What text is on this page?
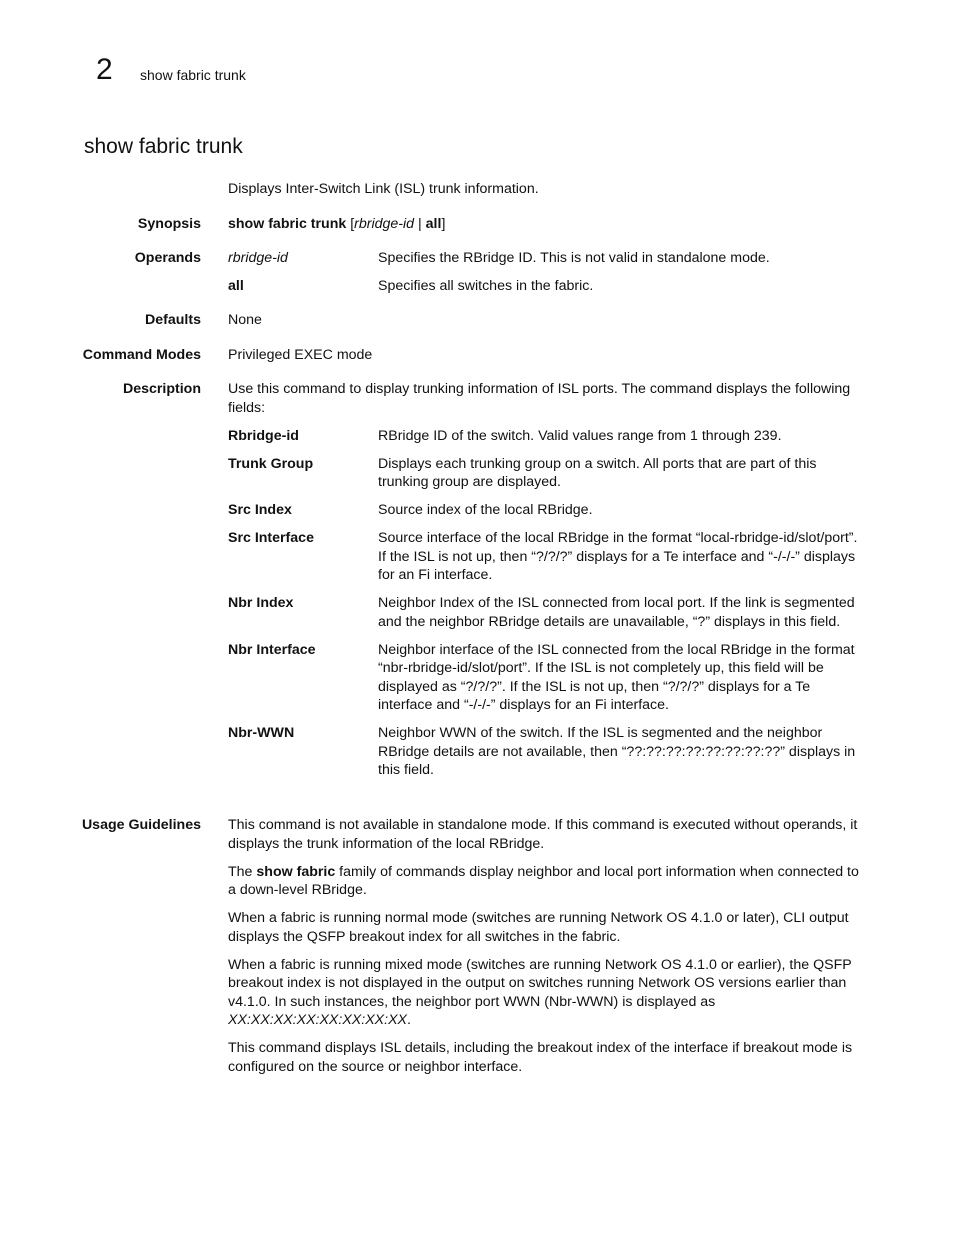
2 show fabric trunk
show fabric trunk

Displays Inter-Switch Link (ISL) trunk information.

Synopsis show fabric trunk [rbridge-id | all]
Operands rbridge-id	Specifies the RBridge ID. This is not valid in standalone mode.
all	Specifies all switches in the fabric.
Defaults None
Command Modes Privileged EXEC mode
Description Use this command to display trunking information of ISL ports. The command displays the following fields:

Rbridge-id	RBridge ID of the switch. Valid values range from 1 through 239.
Trunk Group	Displays each trunking group on a switch. All ports that are part of this trunking group are displayed.
Src Index	Source index of the local RBridge.
Src Interface	Source interface of the local RBridge in the format “local-rbridge-id/slot/port”. If the ISL is not up, then “?/?/?” displays for a Te interface and “-/-/-” displays for an Fi interface.
Nbr Index	Neighbor Index of the ISL connected from local port. If the link is segmented and the neighbor RBridge details are unavailable, “?” displays in this field.
Nbr Interface	Neighbor interface of the ISL connected from the local RBridge in the format “nbr-rbridge-id/slot/port”. If the ISL is not completely up, this field will be displayed as “?/?/?”. If the ISL is not up, then “?/?/?” displays for a Te interface and “-/-/-” displays for an Fi interface.
Nbr-WWN	Neighbor WWN of the switch. If the ISL is segmented and the neighbor RBridge details are not available, then “??:??:??:??:??:??:??:??” displays in this field.
Usage Guidelines This command is not available in standalone mode. If this command is executed without operands, it displays the trunk information of the local RBridge.

The show fabric family of commands display neighbor and local port information when connected to a down-level RBridge.

When a fabric is running normal mode (switches are running Network OS 4.1.0 or later), CLI output displays the QSFP breakout index for all switches in the fabric.

When a fabric is running mixed mode (switches are running Network OS 4.1.0 or earlier), the QSFP breakout index is not displayed in the output on switches running Network OS versions earlier than v4.1.0. In such instances, the neighbor port WWN (Nbr-WWN) is displayed as XX:XX:XX:XX:XX:XX:XX:XX.

This command displays ISL details, including the breakout index of the interface if breakout mode is configured on the source or neighbor interface.
